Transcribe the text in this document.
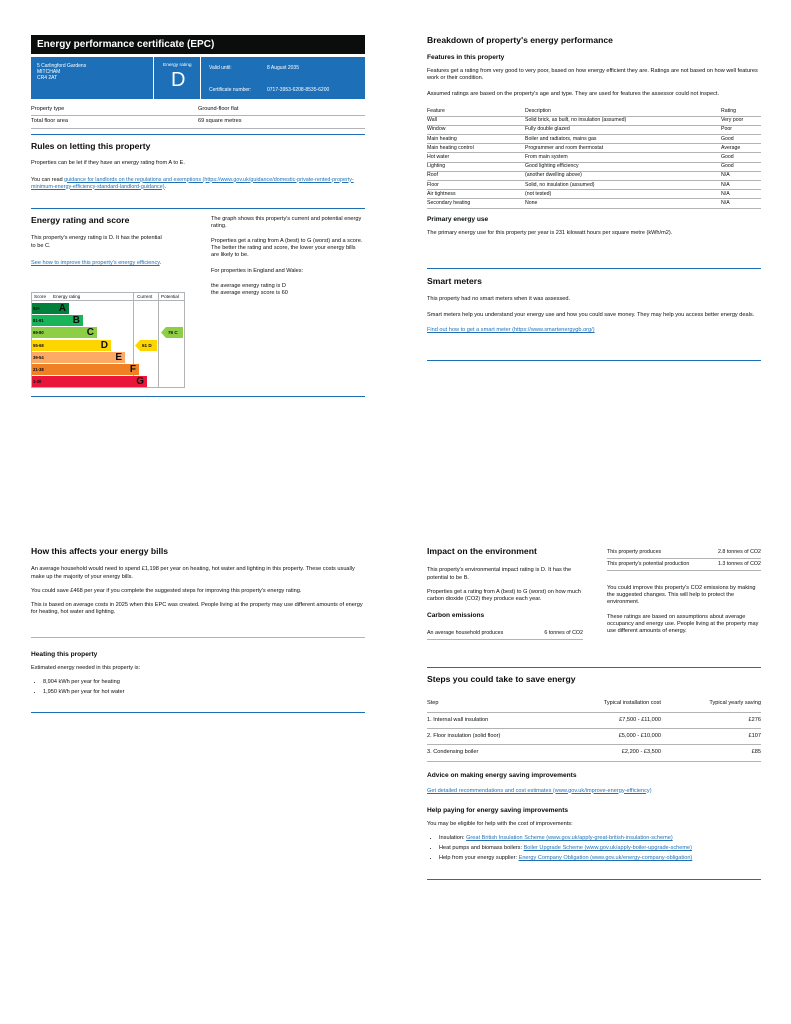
Energy performance certificate (EPC)
5 Carlingford Gardens
MITCHAM
CR4 2AT
Energy rating
D
Valid until:	8 August 2035
Certificate number:	0717-3953-6208-8535-6200
Property type	Ground-floor flat
Total floor area	69 square metres
Rules on letting this property

Properties can be let if they have an energy rating from A to E.

You can read guidance for landlords on the regulations and exemptions (https://www.gov.uk/guidance/domestic-private-rented-property-minimum-energy-efficiency-standard-landlord-guidance).

Energy rating and score

This property's energy rating is D. It has the potential to be C.

See how to improve this property's energy efficiency.

The graph shows this property's current and potential energy rating.

Properties get a rating from A (best) to G (worst) and a score. The better the rating and score, the lower your energy bills are likely to be.

For properties in England and Wales:

the average energy rating is D
the average energy score is 60

Score Energy rating	Current Potential
92+	A
81-91	B
69-80	C
55-68	D
39-54	E
21-38	F
1-20	G
61 D
76 C
Breakdown of property's energy performance
Features in this property

Features get a rating from very good to very poor, based on how energy efficient they are. Ratings are not based on how well features work or their condition.

Assumed ratings are based on the property's age and type. They are used for features the assessor could not inspect.

Feature	Description	Rating
Wall	Solid brick, as built, no insulation (assumed)	Very poor
Window	Fully double glazed	Poor
Main heating	Boiler and radiators, mains gas	Good
Main heating control	Programmer and room thermostat	Average
Hot water	From main system	Good
Lighting	Good lighting efficiency	Good
Roof	(another dwelling above)	N/A
Floor	Solid, no insulation (assumed)	N/A
Air tightness	(not tested)	N/A
Secondary heating	None	N/A
Primary energy use

The primary energy use for this property per year is 231 kilowatt hours per square metre (kWh/m2).

Smart meters

This property had no smart meters when it was assessed.

Smart meters help you understand your energy use and how you could save money. They may help you access better energy deals.

Find out how to get a smart meter (https://www.smartenergygb.org/)

How this affects your energy bills

An average household would need to spend £1,198 per year on heating, hot water and lighting in this property. These costs usually make up the majority of your energy bills.

You could save £468 per year if you complete the suggested steps for improving this property's energy rating.

This is based on average costs in 2025 when this EPC was created. People living at the property may use different amounts of energy for heating, hot water and lighting.

Heating this property

Estimated energy needed in this property is:

• 8,904 kWh per year for heating
• 1,950 kWh per year for hot water
Impact on the environment

This property's environmental impact rating is D. It has the potential to be B.

Properties get a rating from A (best) to G (worst) on how much carbon dioxide (CO2) they produce each year.

Carbon emissions
An average household produces	6 tonnes of CO2
This property produces	2.8 tonnes of CO2
This property's potential production	1.3 tonnes of CO2

You could improve this property's CO2 emissions by making the suggested changes. This will help to protect the environment.

These ratings are based on assumptions about average occupancy and energy use. People living at the property may use different amounts of energy.

Steps you could take to save energy
Step	Typical installation cost	Typical yearly saving
1. Internal wall insulation	£7,500 - £11,000	£276
2. Floor insulation (solid floor)	£5,000 - £10,000	£107
3. Condensing boiler	£2,200 - £3,500	£85
Advice on making energy saving improvements

Get detailed recommendations and cost estimates (www.gov.uk/improve-energy-efficiency)

Help paying for energy saving improvements

You may be eligible for help with the cost of improvements:

• Insulation: Great British Insulation Scheme (www.gov.uk/apply-great-british-insulation-scheme)
• Heat pumps and biomass boilers: Boiler Upgrade Scheme (www.gov.uk/apply-boiler-upgrade-scheme)
• Help from your energy supplier: Energy Company Obligation (www.gov.uk/energy-company-obligation)
